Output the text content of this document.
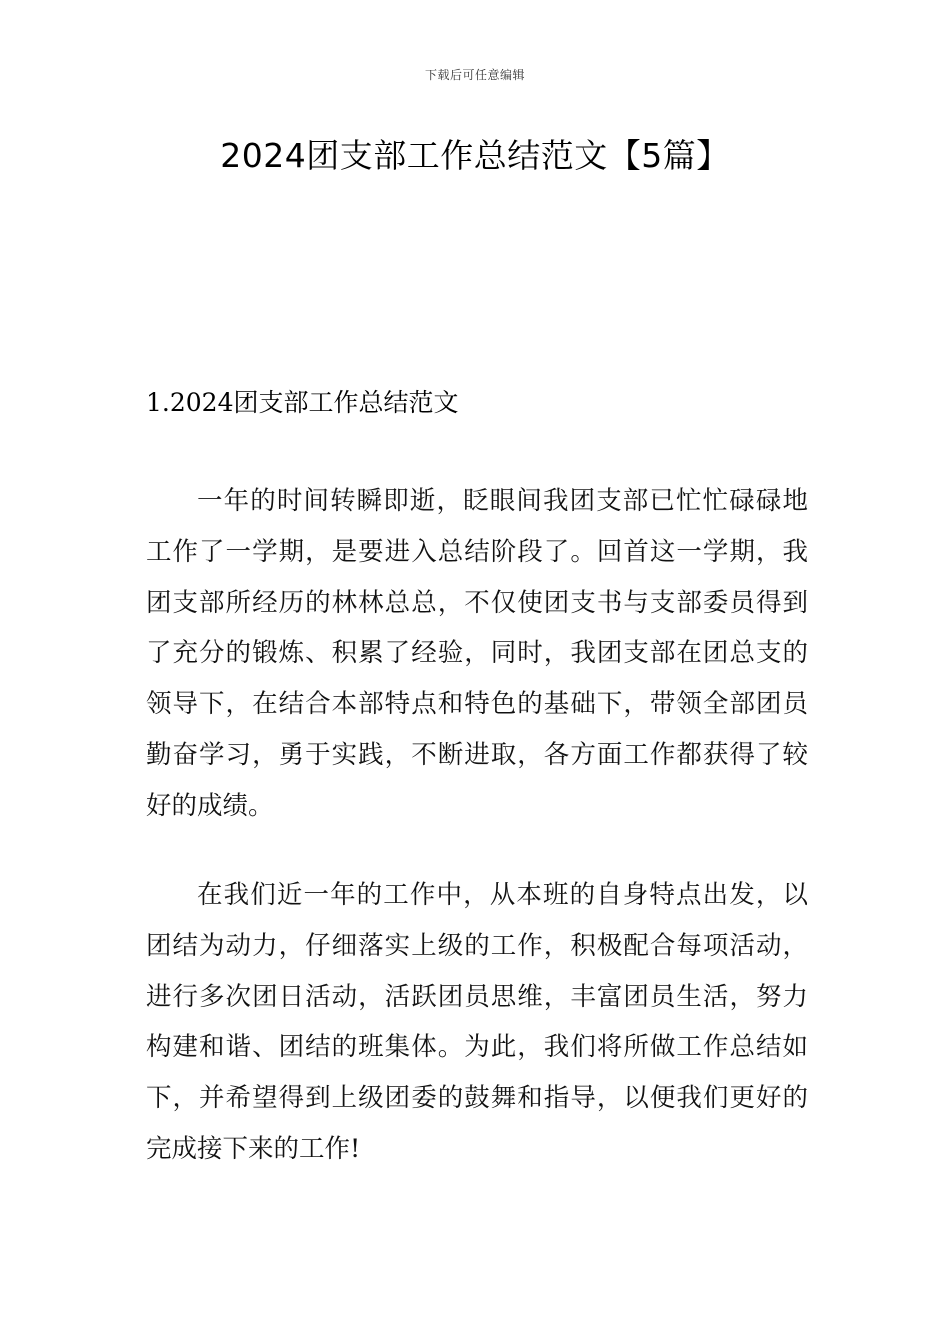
下载后可任意编辑
2024团支部工作总结范文【5篇】
1.2024团支部工作总结范文

一年的时间转瞬即逝，眨眼间我团支部已忙忙碌碌地工作了一学期，是要进入总结阶段了。回首这一学期，我团支部所经历的林林总总，不仅使团支书与支部委员得到了充分的锻炼、积累了经验，同时，我团支部在团总支的领导下，在结合本部特点和特色的基础下，带领全部团员勤奋学习，勇于实践，不断进取，各方面工作都获得了较好的成绩。

在我们近一年的工作中，从本班的自身特点出发，以团结为动力，仔细落实上级的工作，积极配合每项活动，进行多次团日活动，活跃团员思维，丰富团员生活，努力构建和谐、团结的班集体。为此，我们将所做工作总结如下，并希望得到上级团委的鼓舞和指导，以便我们更好的完成接下来的工作!
